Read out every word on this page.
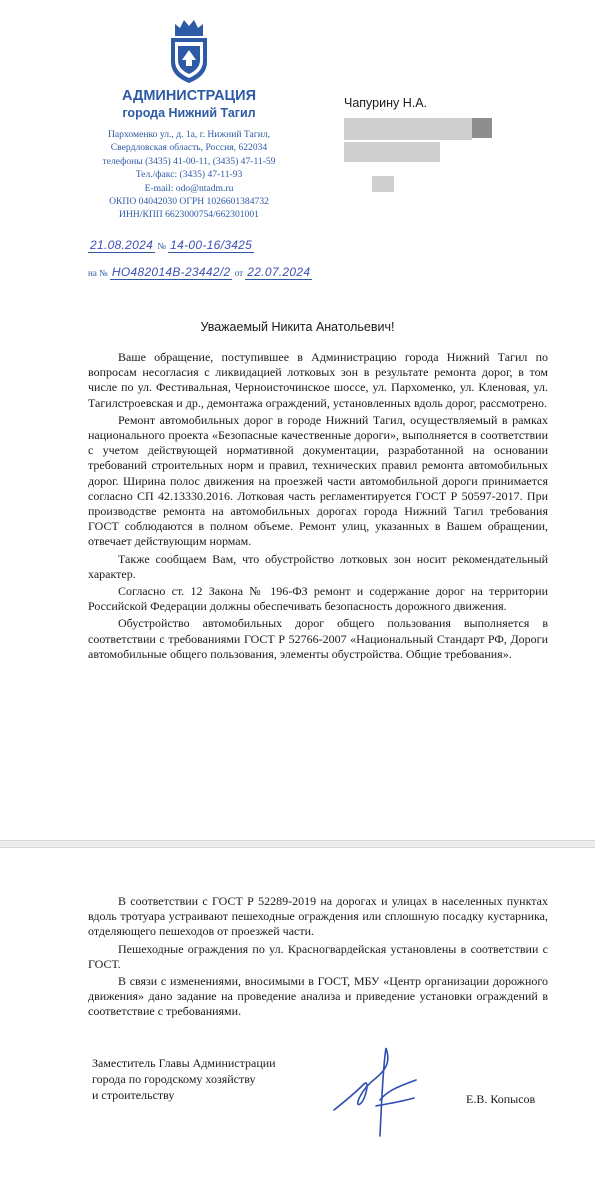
АДМИНИСТРАЦИЯ
города Нижний Тагил
Пархоменко ул., д. 1а, г. Нижний Тагил,
Свердловская область, Россия, 622034
телефоны (3435) 41-00-11, (3435) 47-11-59
Тел./факс: (3435) 47-11-93
E-mail: odo@ntadm.ru
ОКПО 04042030 ОГРН 1026601384732
ИНН/КПП 6623000754/662301001
21.08.2024 № 14-00-16/3425
на № НО482014В-23442/2 от 22.07.2024
Чапурину Н.А.
Уважаемый Никита Анатольевич!

Ваше обращение, поступившее в Администрацию города Нижний Тагил по вопросам несогласия с ликвидацией лотковых зон в результате ремонта дорог, в том числе по ул. Фестивальная, Черноисточинское шоссе, ул. Пархоменко, ул. Кленовая, ул. Тагилстроевская и др., демонтажа ограждений, установленных вдоль дорог, рассмотрено.

Ремонт автомобильных дорог в городе Нижний Тагил, осуществляемый в рамках национального проекта «Безопасные качественные дороги», выполняется в соответствии с учетом действующей нормативной документации, разработанной на основании требований строительных норм и правил, технических правил ремонта автомобильных дорог. Ширина полос движения на проезжей части автомобильной дороги принимается согласно СП 42.13330.2016. Лотковая часть регламентируется ГОСТ Р 50597-2017. При производстве ремонта на автомобильных дорогах города Нижний Тагил требования ГОСТ соблюдаются в полном объеме. Ремонт улиц, указанных в Вашем обращении, отвечает действующим нормам.

Также сообщаем Вам, что обустройство лотковых зон носит рекомендательный характер.

Согласно ст. 12 Закона № 196-ФЗ ремонт и содержание дорог на территории Российской Федерации должны обеспечивать безопасность дорожного движения.

Обустройство автомобильных дорог общего пользования выполняется в соответствии с требованиями ГОСТ Р 52766-2007 «Национальный Стандарт РФ, Дороги автомобильные общего пользования, элементы обустройства. Общие требования».

В соответствии с ГОСТ Р 52289-2019 на дорогах и улицах в населенных пунктах вдоль тротуара устраивают пешеходные ограждения или сплошную посадку кустарника, отделяющего пешеходов от проезжей части.

Пешеходные ограждения по ул. Красногвардейская установлены в соответствии с ГОСТ.

В связи с изменениями, вносимыми в ГОСТ, МБУ «Центр организации дорожного движения» дано задание на проведение анализа и приведение установки ограждений в соответствие с требованиями.

Заместитель Главы Администрации
города по городскому хозяйству
и строительству	Е.В. Копысов
